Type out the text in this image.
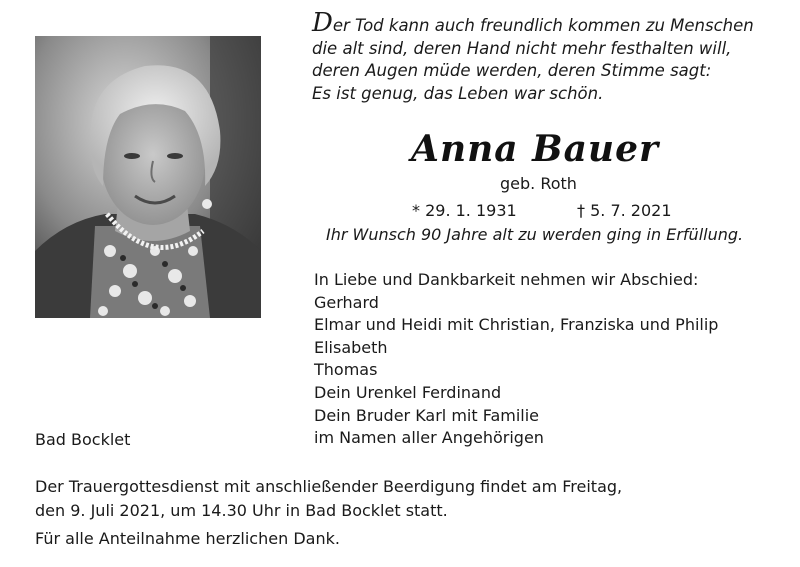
Der Tod kann auch freundlich kommen zu Menschen
die alt sind, deren Hand nicht mehr festhalten will,
deren Augen müde werden, deren Stimme sagt:
Es ist genug, das Leben war schön.
Anna Bauer
geb. Roth
* 29. 1. 1931	† 5. 7. 2021
Ihr Wunsch 90 Jahre alt zu werden ging in Erfüllung.
In Liebe und Dankbarkeit nehmen wir Abschied:
Gerhard
Elmar und Heidi mit Christian, Franziska und Philip
Elisabeth
Thomas
Dein Urenkel Ferdinand
Dein Bruder Karl mit Familie
im Namen aller Angehörigen
Bad Bocklet
Der Trauergottesdienst mit anschließender Beerdigung findet am Freitag,
den 9. Juli 2021, um 14.30 Uhr in Bad Bocklet statt.
Für alle Anteilnahme herzlichen Dank.
